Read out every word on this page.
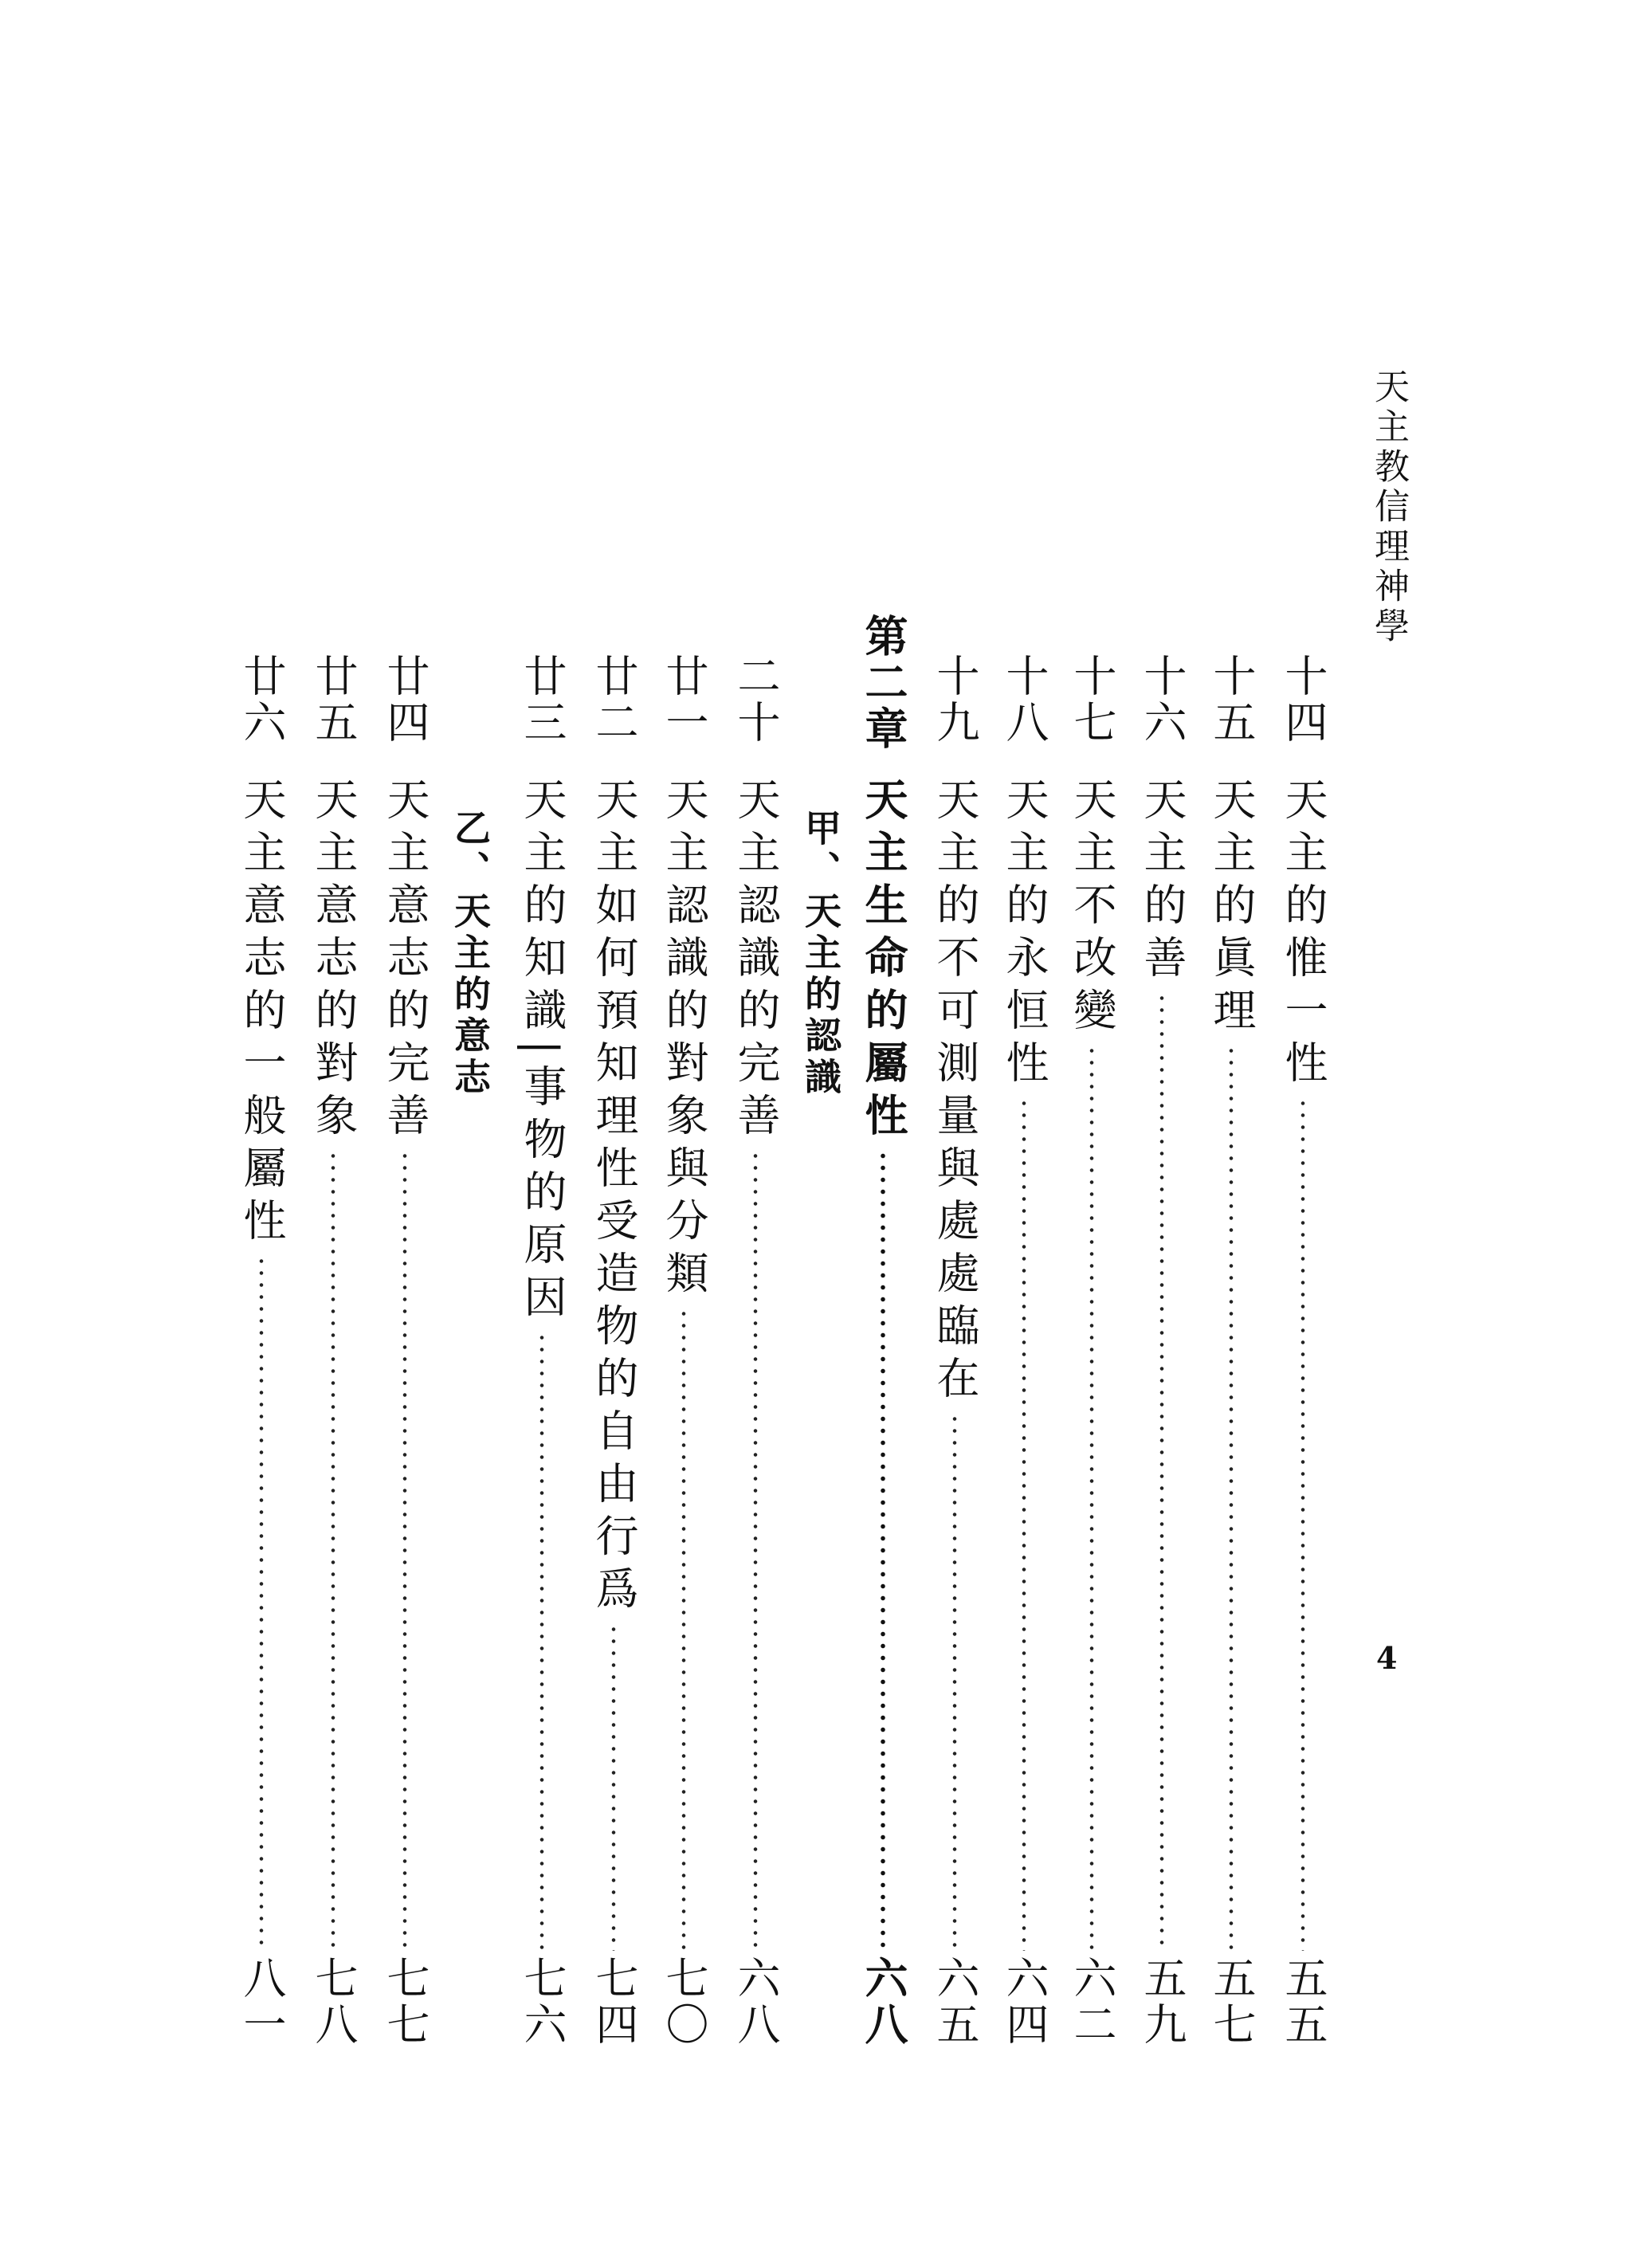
天主教信理神學
4
十四
天主的惟一性
五五
十五
天主的眞理
五七
十六
天主的善
五九
十七
天主不改變
六二
十八
天主的永恒性
六四
十九
天主的不可測量與處處臨在
六五
第二章
天主生命的屬性
六八
甲、天主的認識
二十
天主認識的完善
六八
廿一
天主認識的對象與分類
七〇
廿二
天主如何預知理性受造物的自由行爲
七四
廿三
天主的知識|事物的原因
七六
乙、天主的意志
廿四
天主意志的完善
七七
廿五
天主意志的對象
七八
廿六
天主意志的一般屬性
八一
